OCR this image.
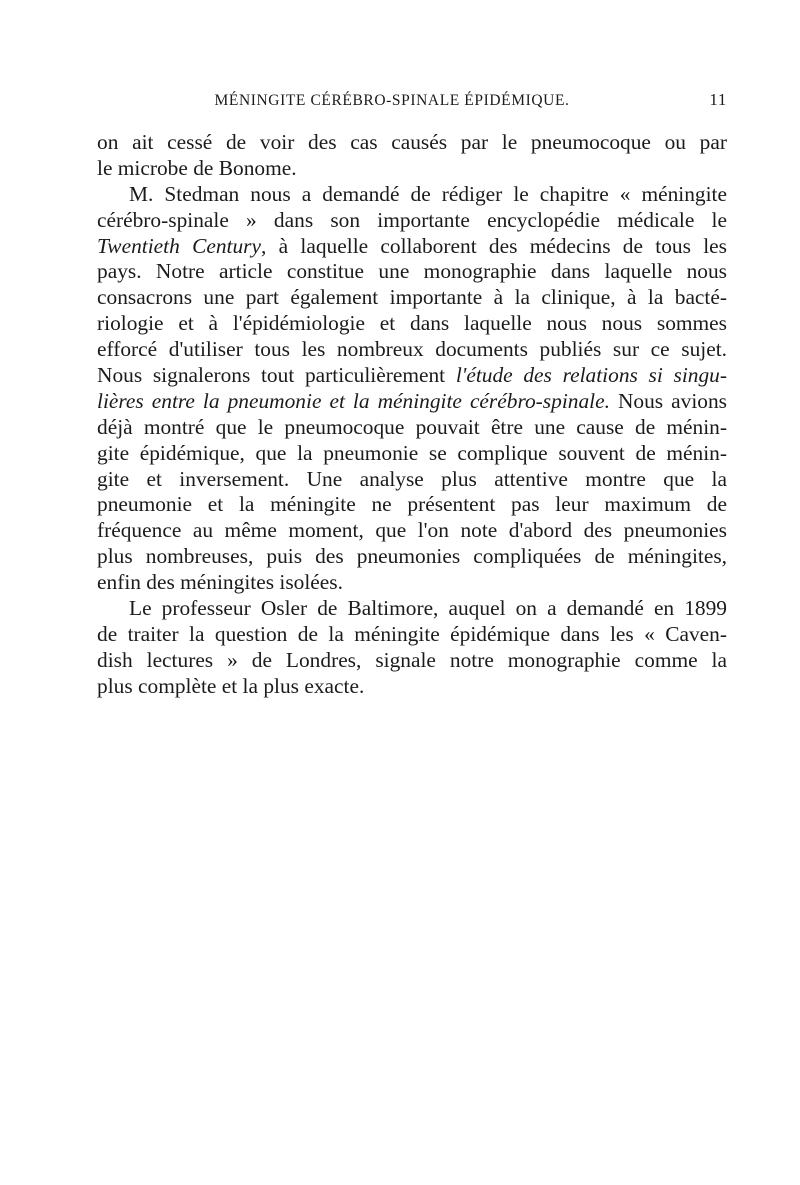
MÉNINGITE CÉRÉBRO-SPINALE ÉPIDÉMIQUE.	11
on ait cessé de voir des cas causés par le pneumocoque ou par
le microbe de Bonome.
M. Stedman nous a demandé de rédiger le chapitre « méningite
cérébro-spinale » dans son importante encyclopédie médicale le
Twentieth Century, à laquelle collaborent des médecins de tous les
pays. Notre article constitue une monographie dans laquelle nous
consacrons une part également importante à la clinique, à la bacté-
riologie et à l'épidémiologie et dans laquelle nous nous sommes
efforcé d'utiliser tous les nombreux documents publiés sur ce sujet.
Nous signalerons tout particulièrement l'étude des relations si singu-
lières entre la pneumonie et la méningite cérébro-spinale. Nous avions
déjà montré que le pneumocoque pouvait être une cause de ménin-
gite épidémique, que la pneumonie se complique souvent de ménin-
gite et inversement. Une analyse plus attentive montre que la
pneumonie et la méningite ne présentent pas leur maximum de
fréquence au même moment, que l'on note d'abord des pneumonies
plus nombreuses, puis des pneumonies compliquées de méningites,
enfin des méningites isolées.
Le professeur Osler de Baltimore, auquel on a demandé en 1899
de traiter la question de la méningite épidémique dans les « Caven-
dish lectures » de Londres, signale notre monographie comme la
plus complète et la plus exacte.
